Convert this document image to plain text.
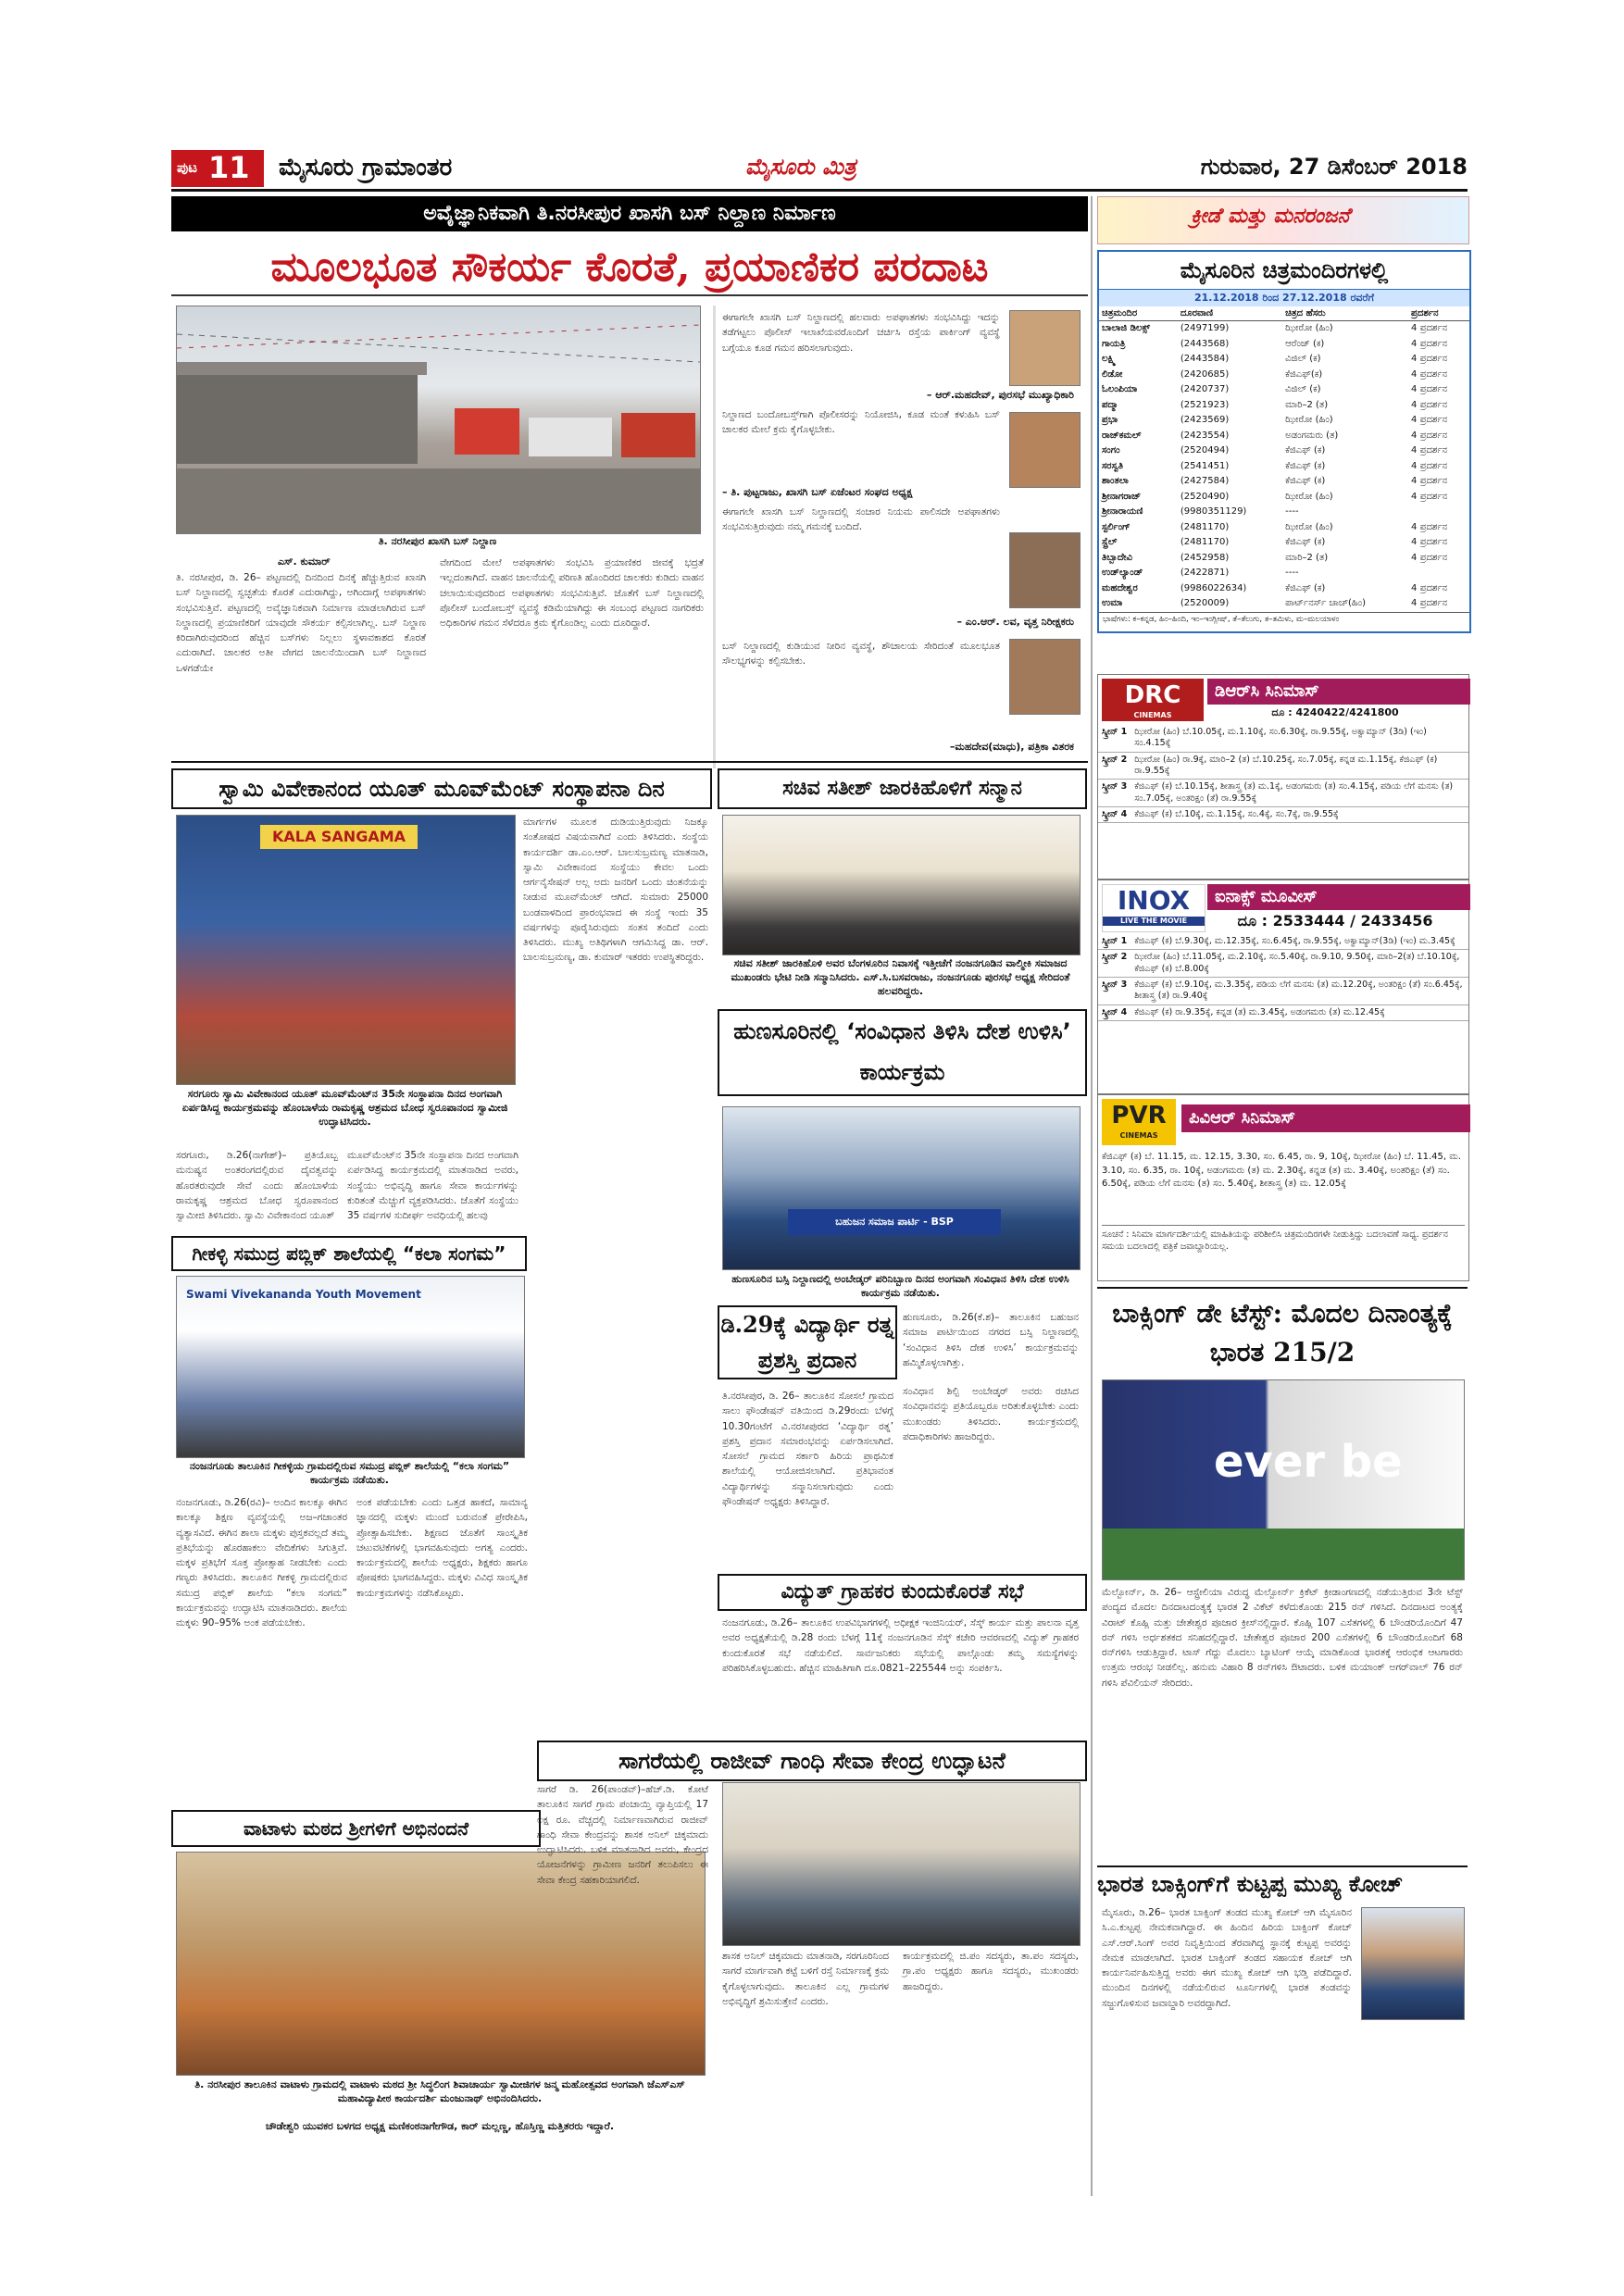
ಪುಟ 11 ಮೈಸೂರು ಗ್ರಾಮಾಂತರ	ಮೈಸೂರು ಮಿತ್ರ	ಗುರುವಾರ, 27 ಡಿಸೆಂಬರ್ 2018
ಅವೈಜ್ಞಾನಿಕವಾಗಿ ತಿ.ನರಸೀಪುರ ಖಾಸಗಿ ಬಸ್ ನಿಲ್ದಾಣ ನಿರ್ಮಾಣ
ಮೂಲಭೂತ ಸೌಕರ್ಯ ಕೊರತೆ, ಪ್ರಯಾಣಿಕರ ಪರದಾಟ
ತಿ. ನರಸೀಪುರ ಖಾಸಗಿ ಬಸ್ ನಿಲ್ದಾಣ
ಎಸ್. ಕುಮಾರ್
ತಿ. ನರಸೀಪುರ, ಡಿ. 26– ಪಟ್ಟಣದಲ್ಲಿ ದಿನದಿಂದ ದಿನಕ್ಕೆ ಹೆಚ್ಚುತ್ತಿರುವ ಖಾಸಗಿ ಬಸ್ ನಿಲ್ದಾಣದಲ್ಲಿ ಸ್ವಚ್ಛತೆಯ ಕೊರತೆ ಎದುರಾಗಿದ್ದು, ಅಗಿಂದಾಗ್ಗೆ ಅಪಘಾತಗಳು ಸಂಭವಿಸುತ್ತಿವೆ. ಪಟ್ಟಣದಲ್ಲಿ ಅವೈಜ್ಞಾನಿಕವಾಗಿ ನಿರ್ಮಾಣ ಮಾಡಲಾಗಿರುವ ಬಸ್ ನಿಲ್ದಾಣದಲ್ಲಿ ಪ್ರಯಾಣಿಕರಿಗೆ ಯಾವುದೇ ಸೌಕರ್ಯ ಕಲ್ಪಿಸಲಾಗಿಲ್ಲ. ಬಸ್ ನಿಲ್ದಾಣ ಕಿರಿದಾಗಿರುವುದರಿಂದ ಹೆಚ್ಚಿನ ಬಸ್‌ಗಳು ನಿಲ್ಲಲು ಸ್ಥಳಾವಕಾಶದ ಕೊರತೆ ಎದುರಾಗಿದೆ. ಚಾಲಕರ ಅತೀ ವೇಗದ ಚಾಲನೆಯಿಂದಾಗಿ ಬಸ್ ನಿಲ್ದಾಣದ ಒಳಗಡೆಯೇ
ವೇಗದಿಂದ ಮೇಲೆ ಅಪಘಾತಗಳು ಸಂಭವಿಸಿ ಪ್ರಯಾಣಿಕರ ಜೀವಕ್ಕೆ ಭದ್ರತೆ ಇಲ್ಲದಂತಾಗಿದೆ. ವಾಹನ ಚಾಲನೆಯಲ್ಲಿ ಪರಿಣತಿ ಹೊಂದಿರದ ಚಾಲಕರು ಕುಡಿದು ವಾಹನ ಚಲಾಯಿಸುವುದರಿಂದ ಅಪಘಾತಗಳು ಸಂಭವಿಸುತ್ತಿವೆ. ಜೊತೆಗೆ ಬಸ್ ನಿಲ್ದಾಣದಲ್ಲಿ ಪೊಲೀಸ್ ಬಂದೋಬಸ್ತ್ ವ್ಯವಸ್ಥೆ ಕಡಿಮೆಯಾಗಿದ್ದು ಈ ಸಂಬಂಧ ಪಟ್ಟಣದ ನಾಗರಿಕರು ಅಧಿಕಾರಿಗಳ ಗಮನ ಸೆಳೆದರೂ ಕ್ರಮ ಕೈಗೊಂಡಿಲ್ಲ ಎಂದು ದೂರಿದ್ದಾರೆ.
ಈಗಾಗಲೇ ಖಾಸಗಿ ಬಸ್ ನಿಲ್ದಾಣದಲ್ಲಿ ಹಲವಾರು ಅಪಘಾತಗಳು ಸಂಭವಿಸಿದ್ದು ಇದನ್ನು ತಡೆಗಟ್ಟಲು ಪೊಲೀಸ್ ಇಲಾಖೆಯವರೊಂದಿಗೆ ಚರ್ಚಿಸಿ ರಸ್ತೆಯ ಪಾರ್ಕಿಂಗ್ ವ್ಯವಸ್ಥೆ ಬಗ್ಗೆಯೂ ಕೂಡ ಗಮನ ಹರಿಸಲಾಗುವುದು.
– ಆರ್.ಮಹದೇವ್, ಪುರಸಭೆ ಮುಖ್ಯಾಧಿಕಾರಿ
ನಿಲ್ದಾಣದ ಬಂದೋಬಸ್ತ್‌ಗಾಗಿ ಪೊಲೀಸರನ್ನು ನಿಯೋಜಿಸಿ, ಕೂಡ ಮಂತೆ ಕಳುಹಿಸಿ ಬಸ್ ಚಾಲಕರ ಮೇಲೆ ಕ್ರಮ ಕೈಗೊಳ್ಳಬೇಕು.
– ತಿ. ಪುಟ್ಟರಾಜು, ಖಾಸಗಿ ಬಸ್ ಏಜೆಂಟರ ಸಂಘದ ಅಧ್ಯಕ್ಷ
ಈಗಾಗಲೇ ಖಾಸಗಿ ಬಸ್ ನಿಲ್ದಾಣದಲ್ಲಿ ಸಂಚಾರ ನಿಯಮ ಪಾಲಿಸದೇ ಅಪಘಾತಗಳು ಸಂಭವಿಸುತ್ತಿರುವುದು ನಮ್ಮ ಗಮನಕ್ಕೆ ಬಂದಿದೆ.
– ಎಂ.ಆರ್. ಲವ, ವೃತ್ತ ನಿರೀಕ್ಷಕರು
ಬಸ್ ನಿಲ್ದಾಣದಲ್ಲಿ ಕುಡಿಯುವ ನೀರಿನ ವ್ಯವಸ್ಥೆ, ಶೌಚಾಲಯ ಸೇರಿದಂತೆ ಮೂಲಭೂತ ಸೌಲಭ್ಯಗಳನ್ನು ಕಲ್ಪಿಸಬೇಕು.
–ಮಹದೇವ(ಮಾಧು), ಪತ್ರಿಕಾ ವಿತರಕ
ಸ್ವಾಮಿ ವಿವೇಕಾನಂದ ಯೂತ್ ಮೂವ್‌ಮೆಂಟ್ ಸಂಸ್ಥಾಪನಾ ದಿನ
KALA SANGAMA
ಸರಗೂರು ಸ್ವಾಮಿ ವಿವೇಕಾನಂದ ಯೂತ್ ಮೂವ್‌ಮೆಂಟ್‌ನ 35ನೇ ಸಂಸ್ಥಾಪನಾ ದಿನದ ಅಂಗವಾಗಿ ಏರ್ಪಡಿಸಿದ್ದ ಕಾರ್ಯಕ್ರಮವನ್ನು ಹೊಂಬಾಳೆಯ ರಾಮಕೃಷ್ಣ ಆಶ್ರಮದ ಬೋಧ ಸ್ವರೂಪಾನಂದ ಸ್ವಾಮೀಜಿ ಉದ್ಘಾಟಿಸಿದರು.
ಸರಗೂರು, ಡಿ.26(ನಾಗೇಶ್)– ಪ್ರತಿಯೊಬ್ಬ ಮನುಷ್ಯನ ಅಂತರಂಗದಲ್ಲಿರುವ ದೈವತ್ವವನ್ನು ಹೊರತರುವುದೇ ಸೇವೆ ಎಂದು ಹೊಂಬಾಳೆಯ ರಾಮಕೃಷ್ಣ ಆಶ್ರಮದ ಬೋಧ ಸ್ವರೂಪಾನಂದ ಸ್ವಾಮೀಜಿ ತಿಳಿಸಿದರು. ಸ್ವಾಮಿ ವಿವೇಕಾನಂದ ಯೂತ್
ಮೂವ್‌ಮೆಂಟ್‌ನ 35ನೇ ಸಂಸ್ಥಾಪನಾ ದಿನದ ಅಂಗವಾಗಿ ಏರ್ಪಡಿಸಿದ್ದ ಕಾರ್ಯಕ್ರಮದಲ್ಲಿ ಮಾತನಾಡಿದ ಅವರು, ಸಂಸ್ಥೆಯು ಅಭಿವೃದ್ಧಿ ಹಾಗೂ ಸೇವಾ ಕಾರ್ಯಗಳನ್ನು ಕುರಿತಂತೆ ಮೆಚ್ಚುಗೆ ವ್ಯಕ್ತಪಡಿಸಿದರು. ಜೊತೆಗೆ ಸಂಸ್ಥೆಯು 35 ವರ್ಷಗಳ ಸುದೀರ್ಘ ಅವಧಿಯಲ್ಲಿ ಹಲವು
ಮಾರ್ಗಗಳ ಮೂಲಕ ದುಡಿಯುತ್ತಿರುವುದು ನಿಜಕ್ಕೂ ಸಂತೋಷದ ವಿಷಯವಾಗಿದೆ ಎಂದು ತಿಳಿಸಿದರು. ಸಂಸ್ಥೆಯ ಕಾರ್ಯದರ್ಶಿ ಡಾ.ಎಂ.ಆರ್. ಬಾಲಸುಬ್ರಮಣ್ಯ ಮಾತನಾಡಿ, ಸ್ವಾಮಿ ವಿವೇಕಾನಂದ ಸಂಸ್ಥೆಯು ಕೇವಲ ಒಂದು ಆರ್ಗನೈಸೇಷನ್ ಅಲ್ಲ ಅದು ಜನರಿಗೆ ಒಂದು ಚಿಂತನೆಯನ್ನು ನೀಡುವ ಮೂವ್‌ಮೆಂಟ್ ಆಗಿದೆ. ಸುಮಾರು 25000 ಬಂಡವಾಳದಿಂದ ಪ್ರಾರಂಭವಾದ ಈ ಸಂಸ್ಥೆ ಇಂದು 35 ವರ್ಷಗಳನ್ನು ಪೂರೈಸಿರುವುದು ಸಂತಸ ತಂದಿದೆ ಎಂದು ತಿಳಿಸಿದರು. ಮುಖ್ಯ ಅತಿಥಿಗಳಾಗಿ ಆಗಮಿಸಿದ್ದ ಡಾ. ಆರ್. ಬಾಲಸುಬ್ರಮಣ್ಯ, ಡಾ. ಕುಮಾರ್ ಇತರರು ಉಪಸ್ಥಿತರಿದ್ದರು.
ಗೀಕಳ್ಳಿ ಸಮುದ್ರ ಪಬ್ಲಿಕ್ ಶಾಲೆಯಲ್ಲಿ “ಕಲಾ ಸಂಗಮ”
Swami Vivekananda Youth Movement
ನಂಜನಗೂಡು ತಾಲೂಕಿನ ಗೀಕಳ್ಳಿಯ ಗ್ರಾಮದಲ್ಲಿರುವ ಸಮುದ್ರ ಪಬ್ಲಿಕ್ ಶಾಲೆಯಲ್ಲಿ “ಕಲಾ ಸಂಗಮ” ಕಾರ್ಯಕ್ರಮ ನಡೆಯಿತು.
ನಂಜನಗೂಡು, ಡಿ.26(ರವಿ)– ಅಂದಿನ ಕಾಲಕ್ಕೂ ಈಗಿನ ಕಾಲಕ್ಕೂ ಶಿಕ್ಷಣ ವ್ಯವಸ್ಥೆಯಲ್ಲಿ ಅಜ–ಗಜಾಂತರ ವ್ಯತ್ಯಾಸವಿದೆ. ಈಗಿನ ಶಾಲಾ ಮಕ್ಕಳು ಪುಸ್ತಕವಲ್ಲದೆ ತಮ್ಮ ಪ್ರತಿಭೆಯನ್ನು ಹೊರಹಾಕಲು ವೇದಿಕೆಗಳು ಸಿಗುತ್ತಿವೆ. ಮಕ್ಕಳ ಪ್ರತಿಭೆಗೆ ಸೂಕ್ತ ಪ್ರೋತ್ಸಾಹ ನೀಡಬೇಕು ಎಂದು ಗಣ್ಯರು ತಿಳಿಸಿದರು. ತಾಲೂಕಿನ ಗೀಕಳ್ಳಿ ಗ್ರಾಮದಲ್ಲಿರುವ ಸಮುದ್ರ ಪಬ್ಲಿಕ್ ಶಾಲೆಯ “ಕಲಾ ಸಂಗಮ” ಕಾರ್ಯಕ್ರಮವನ್ನು ಉದ್ಘಾಟಿಸಿ ಮಾತನಾಡಿದರು. ಶಾಲೆಯ ಮಕ್ಕಳು 90–95% ಅಂಕ ಪಡೆಯಬೇಕು.
ಅಂಕ ಪಡೆಯಬೇಕು ಎಂದು ಒತ್ತಡ ಹಾಕದೆ, ಸಾಮಾನ್ಯ ಜ್ಞಾನದಲ್ಲಿ ಮಕ್ಕಳು ಮುಂದೆ ಬರುವಂತೆ ಪ್ರೇರೇಪಿಸಿ, ಪ್ರೋತ್ಸಾಹಿಸಬೇಕು. ಶಿಕ್ಷಣದ ಜೊತೆಗೆ ಸಾಂಸ್ಕೃತಿಕ ಚಟುವಟಿಕೆಗಳಲ್ಲಿ ಭಾಗವಹಿಸುವುದು ಅಗತ್ಯ ಎಂದರು. ಕಾರ್ಯಕ್ರಮದಲ್ಲಿ ಶಾಲೆಯ ಅಧ್ಯಕ್ಷರು, ಶಿಕ್ಷಕರು ಹಾಗೂ ಪೋಷಕರು ಭಾಗವಹಿಸಿದ್ದರು. ಮಕ್ಕಳು ವಿವಿಧ ಸಾಂಸ್ಕೃತಿಕ ಕಾರ್ಯಕ್ರಮಗಳನ್ನು ನಡೆಸಿಕೊಟ್ಟರು.
ವಾಟಾಳು ಮಠದ ಶ್ರೀಗಳಿಗೆ ಅಭಿನಂದನೆ
ತಿ. ನರಸೀಪುರ ತಾಲೂಕಿನ ವಾಟಾಳು ಗ್ರಾಮದಲ್ಲಿ ವಾಟಾಳು ಮಠದ ಶ್ರೀ ಸಿದ್ಧಲಿಂಗ ಶಿವಾಚಾರ್ಯ ಸ್ವಾಮೀಜಿಗಳ ಜನ್ಮ ಮಹೋತ್ಸವದ ಅಂಗವಾಗಿ ಜೆಎಸ್‌ಎಸ್ ಮಹಾವಿದ್ಯಾಪೀಠ ಕಾರ್ಯದರ್ಶಿ ಮಂಜುನಾಥ್ ಅಭಿನಂದಿಸಿದರು.
ಚೌಡೇಶ್ವರಿ ಯುವಕರ ಬಳಗದ ಅಧ್ಯಕ್ಷ ಮಣಿಕಂಠನಾಗೇಗೌಡ, ಕಾರ್ ಮಲ್ಲಣ್ಣ, ಹೊಸ್ತಿಣ್ಣ ಮತ್ತಿತರರು ಇದ್ದಾರೆ.
ಸಚಿವ ಸತೀಶ್ ಜಾರಕಿಹೊಳಿಗೆ ಸನ್ಮಾನ
ಸಚಿವ ಸತೀಶ್ ಜಾರಕಿಹೊಳಿ ಅವರ ಬೆಂಗಳೂರಿನ ನಿವಾಸಕ್ಕೆ ಇತ್ತೀಚೆಗೆ ನಂಜನಗೂಡಿನ ವಾಲ್ಮೀಕಿ ಸಮಾಜದ ಮುಖಂಡರು ಭೇಟಿ ನೀಡಿ ಸನ್ಮಾನಿಸಿದರು. ಎಸ್.ಸಿ.ಬಸವರಾಜು, ನಂಜನಗೂಡು ಪುರಸಭೆ ಅಧ್ಯಕ್ಷ ಸೇರಿದಂತೆ ಹಲವರಿದ್ದರು.
ಹುಣಸೂರಿನಲ್ಲಿ ‘ಸಂವಿಧಾನ ತಿಳಿಸಿ ದೇಶ ಉಳಿಸಿ’ ಕಾರ್ಯಕ್ರಮ
ಬಹುಜನ ಸಮಾಜ ಪಾರ್ಟಿ - BSP
ಹುಣಸೂರಿನ ಬಸ್ಸಿ ನಿಲ್ದಾಣದಲ್ಲಿ ಅಂಬೇಡ್ಕರ್ ಪರಿನಿಬ್ಬಾಣ ದಿನದ ಅಂಗವಾಗಿ ಸಂವಿಧಾನ ತಿಳಿಸಿ ದೇಶ ಉಳಿಸಿ ಕಾರ್ಯಕ್ರಮ ನಡೆಯಿತು.
ಹುಣಸೂರು, ಡಿ.26(ಕೆ.ಶ)– ತಾಲೂಕಿನ ಬಹುಜನ ಸಮಾಜ ಪಾರ್ಟಿಯಿಂದ ನಗರದ ಬಸ್ಸಿ ನಿಲ್ದಾಣದಲ್ಲಿ ‘ಸಂವಿಧಾನ ತಿಳಿಸಿ ದೇಶ ಉಳಿಸಿ’ ಕಾರ್ಯಕ್ರಮವನ್ನು ಹಮ್ಮಿಕೊಳ್ಳಲಾಗಿತ್ತು.
ಸಂವಿಧಾನ ಶಿಲ್ಪಿ ಅಂಬೇಡ್ಕರ್ ಅವರು ರಚಿಸಿದ ಸಂವಿಧಾನವನ್ನು ಪ್ರತಿಯೊಬ್ಬರೂ ಅರಿತುಕೊಳ್ಳಬೇಕು ಎಂದು ಮುಖಂಡರು ತಿಳಿಸಿದರು. ಕಾರ್ಯಕ್ರಮದಲ್ಲಿ ಪದಾಧಿಕಾರಿಗಳು ಹಾಜರಿದ್ದರು.
ಡಿ.29ಕ್ಕೆ ವಿದ್ಯಾರ್ಥಿ ರತ್ನ ಪ್ರಶಸ್ತಿ ಪ್ರದಾನ
ತಿ.ನರಸೀಪುರ, ಡಿ. 26– ತಾಲೂಕಿನ ಸೋಸಲೆ ಗ್ರಾಮದ ಸಾಲು ಫೌಂಡೇಷನ್ ವತಿಯಿಂದ ಡಿ.29ರಂದು ಬೆಳಗ್ಗೆ 10.30ಗಂಟೆಗೆ ವಿ.ನರಸೀಪುರದ ‘ವಿದ್ಯಾರ್ಥಿ ರತ್ನ’ ಪ್ರಶಸ್ತಿ ಪ್ರದಾನ ಸಮಾರಂಭವನ್ನು ಏರ್ಪಡಿಸಲಾಗಿದೆ. ಸೋಸಲೆ ಗ್ರಾಮದ ಸರ್ಕಾರಿ ಹಿರಿಯ ಪ್ರಾಥಮಿಕ ಶಾಲೆಯಲ್ಲಿ ಆಯೋಜಿಸಲಾಗಿದೆ. ಪ್ರತಿಭಾವಂತ ವಿದ್ಯಾರ್ಥಿಗಳನ್ನು ಸನ್ಮಾನಿಸಲಾಗುವುದು ಎಂದು ಫೌಂಡೇಷನ್ ಅಧ್ಯಕ್ಷರು ತಿಳಿಸಿದ್ದಾರೆ.
ವಿದ್ಯುತ್ ಗ್ರಾಹಕರ ಕುಂದುಕೊರತೆ ಸಭೆ
ನಂಜನಗೂಡು, ಡಿ.26– ತಾಲೂಕಿನ ಉಪವಿಭಾಗಗಳಲ್ಲಿ ಅಧೀಕ್ಷಕ ಇಂಜಿನಿಯರ್, ಸೆಸ್ಕ್ ಕಾರ್ಯ ಮತ್ತು ಪಾಲನಾ ವೃತ್ತ ಅವರ ಅಧ್ಯಕ್ಷತೆಯಲ್ಲಿ ಡಿ.28 ರಂದು ಬೆಳಗ್ಗೆ 11ಕ್ಕೆ ನಂಜನಗೂಡಿನ ಸೆಸ್ಕ್ ಕಚೇರಿ ಆವರಣದಲ್ಲಿ ವಿದ್ಯುತ್ ಗ್ರಾಹಕರ ಕುಂದುಕೊರತೆ ಸಭೆ ನಡೆಯಲಿದೆ. ಸಾರ್ವಜನಿಕರು ಸಭೆಯಲ್ಲಿ ಪಾಲ್ಗೊಂಡು ತಮ್ಮ ಸಮಸ್ಯೆಗಳನ್ನು ಪರಿಹರಿಸಿಕೊಳ್ಳಬಹುದು. ಹೆಚ್ಚಿನ ಮಾಹಿತಿಗಾಗಿ ದೂ.0821–225544 ಅನ್ನು ಸಂಪರ್ಕಿಸಿ.
ಸಾಗರೆಯಲ್ಲಿ ರಾಜೀವ್ ಗಾಂಧಿ ಸೇವಾ ಕೇಂದ್ರ ಉದ್ಘಾಟನೆ
ಸಾಗರೆ ಡಿ. 26(ಪಾಂಡವ್)–ಹೆಚ್.ಡಿ. ಕೋಟೆ ತಾಲೂಕಿನ ಸಾಗರೆ ಗ್ರಾಮ ಪಂಚಾಯ್ತಿ ವ್ಯಾಪ್ತಿಯಲ್ಲಿ 17 ಲಕ್ಷ ರೂ. ವೆಚ್ಚದಲ್ಲಿ ನಿರ್ಮಾಣವಾಗಿರುವ ರಾಜೀವ್ ಗಾಂಧಿ ಸೇವಾ ಕೇಂದ್ರವನ್ನು ಶಾಸಕ ಅನಿಲ್ ಚಿಕ್ಕಮಾದು ಉದ್ಘಾಟಿಸಿದರು. ಬಳಿಕ ಮಾತನಾಡಿದ ಅವರು, ಕೇಂದ್ರದ ಯೋಜನೆಗಳನ್ನು ಗ್ರಾಮೀಣ ಜನರಿಗೆ ತಲುಪಿಸಲು ಈ ಸೇವಾ ಕೇಂದ್ರ ಸಹಕಾರಿಯಾಗಲಿದೆ.
ಶಾಸಕ ಅನಿಲ್ ಚಿಕ್ಕಮಾದು ಮಾತನಾಡಿ, ಸರಗೂರಿನಿಂದ ಸಾಗರೆ ಮಾರ್ಗವಾಗಿ ಕಟ್ಟೆ ಬಳಿಗೆ ರಸ್ತೆ ನಿರ್ಮಾಣಕ್ಕೆ ಕ್ರಮ ಕೈಗೊಳ್ಳಲಾಗುವುದು. ತಾಲೂಕಿನ ಎಲ್ಲ ಗ್ರಾಮಗಳ ಅಭಿವೃದ್ಧಿಗೆ ಶ್ರಮಿಸುತ್ತೇನೆ ಎಂದರು.
ಕಾರ್ಯಕ್ರಮದಲ್ಲಿ ಜಿ.ಪಂ ಸದಸ್ಯರು, ತಾ.ಪಂ ಸದಸ್ಯರು, ಗ್ರಾ.ಪಂ ಅಧ್ಯಕ್ಷರು ಹಾಗೂ ಸದಸ್ಯರು, ಮುಖಂಡರು ಹಾಜರಿದ್ದರು.
ಕ್ರೀಡೆ ಮತ್ತು ಮನರಂಜನೆ
ಮೈಸೂರಿನ ಚಿತ್ರಮಂದಿರಗಳಲ್ಲಿ
21.12.2018 ರಿಂದ 27.12.2018 ರವರೆಗೆ
ಚಿತ್ರಮಂದಿರ	ದೂರವಾಣಿ	ಚಿತ್ರದ ಹೆಸರು	ಪ್ರದರ್ಶನ
ಬಾಲಾಜಿ ಡಿಲಕ್ಸ್	(2497199)	ಝೀರೋ (ಹಿಂ)	4 ಪ್ರದರ್ಶನ
ಗಾಯತ್ರಿ	(2443568)	ಆರೆಂಜ್ (ಕ)	4 ಪ್ರದರ್ಶನ
ಲಕ್ಷ್ಮಿ	(2443584)	ವಿಜಿಲ್ (ಕ)	4 ಪ್ರದರ್ಶನ
ಲಿಡೋ	(2420685)	ಕೆಜಿಎಫ್(ಕ)	4 ಪ್ರದರ್ಶನ
ಓಲಂಪಿಯಾ	(2420737)	ವಿಜಿಲ್ (ಕ)	4 ಪ್ರದರ್ಶನ
ಪದ್ಮಾ	(2521923)	ಮಾರಿ–2 (ತ)	4 ಪ್ರದರ್ಶನ
ಪ್ರಭಾ	(2423569)	ಝೀರೋ (ಹಿಂ)	4 ಪ್ರದರ್ಶನ
ರಾಜ್‌ಕಮಲ್	(2423554)	ಅಡಂಗಮರು (ತ)	4 ಪ್ರದರ್ಶನ
ಸಂಗಂ	(2520494)	ಕೆಜಿಎಫ್ (ಕ)	4 ಪ್ರದರ್ಶನ
ಸರಸ್ವತಿ	(2541451)	ಕೆಜಿಎಫ್ (ಕ)	4 ಪ್ರದರ್ಶನ
ಶಾಂತಲಾ	(2427584)	ಕೆಜಿಎಫ್ (ಕ)	4 ಪ್ರದರ್ಶನ
ಶ್ರೀನಾಗರಾಜ್	(2520490)	ಝೀರೋ (ಹಿಂ)	4 ಪ್ರದರ್ಶನ
ಶ್ರೀನಾರಾಯಣಿ	(9980351129)	----	
ಸ್ಟರ್ಲಿಂಗ್	(2481170)	ಝೀರೋ (ಹಿಂ)	4 ಪ್ರದರ್ಶನ
ಸ್ಟ್ರೆಲ್	(2481170)	ಕೆಜಿಎಫ್ (ಕ)	4 ಪ್ರದರ್ಶನ
ತಿಬ್ಬಾದೇವಿ	(2452958)	ಮಾರಿ–2 (ತ)	4 ಪ್ರದರ್ಶನ
ಉಡ್‌ಲ್ಯಾಂಡ್	(2422871)	----	
ಮಹದೇಶ್ವರ	(9986022634)	ಕೆಜಿಎಫ್ (ಕ)	4 ಪ್ರದರ್ಶನ
ಉಮಾ	(2520009)	ಪಾರ್ಟ್‌ನರ್ಸ್ ಚಾಚ್(ಹಿಂ)	4 ಪ್ರದರ್ಶನ
ಭಾಷೆಗಳು: ಕ–ಕನ್ನಡ, ಹಿಂ–ಹಿಂದಿ, ಇಂ–ಇಂಗ್ಲೀಷ್, ತೆ–ತೆಲುಗು, ತ–ತಮಿಳು, ಮ–ಮಲಯಾಳಂ
DRC
CINEMAS
ಡಿಆರ್‌ಸಿ ಸಿನಿಮಾಸ್
ದೂ : 4240422/4241800
ಸ್ಕ್ರೀನ್ 1	ಝೀರೋ (ಹಿಂ) ಬೆ.10.05ಕ್ಕೆ, ಮ.1.10ಕ್ಕೆ, ಸಂ.6.30ಕ್ಕೆ, ರಾ.9.55ಕ್ಕೆ, ಅಕ್ವಾಮ್ಯಾನ್ (3ಡಿ) (ಇಂ) ಸಂ.4.15ಕ್ಕೆ
ಸ್ಕ್ರೀನ್ 2	ಝೀರೋ (ಹಿಂ) ರಾ.9ಕ್ಕೆ, ಮಾರಿ–2 (ತ) ಬೆ.10.25ಕ್ಕೆ, ಸಂ.7.05ಕ್ಕೆ, ಕನ್ನಡ ಮ.1.15ಕ್ಕೆ, ಕೆಜಿಎಫ್ (ಕ) ರಾ.9.55ಕ್ಕೆ
ಸ್ಕ್ರೀನ್ 3	ಕೆಜಿಎಫ್ (ಕ) ಬೆ.10.15ಕ್ಕೆ, ಶೀತಾಸ್ತ್ರ (ತ) ಮ.1ಕ್ಕೆ, ಅಡಂಗಮರು (ತ) ಸಂ.4.15ಕ್ಕೆ, ಪಡಿಯ ಲೆಗೆ ಮನಸು (ತ) ಸಂ.7.05ಕ್ಕೆ, ಅಂತರಿಕ್ಷಂ (ತೆ) ರಾ.9.55ಕ್ಕೆ
ಸ್ಕ್ರೀನ್ 4	ಕೆಜಿಎಫ್ (ಕ) ಬೆ.10ಕ್ಕೆ, ಮ.1.15ಕ್ಕೆ, ಸಂ.4ಕ್ಕೆ, ಸಂ.7ಕ್ಕೆ, ರಾ.9.55ಕ್ಕೆ
INOX
LIVE THE MOVIE
ಐನಾಕ್ಸ್ ಮೂವೀಸ್
ದೂ : 2533444 / 2433456
ಸ್ಕ್ರೀನ್ 1	ಕೆಜಿಎಫ್ (ಕ) ಬೆ.9.30ಕ್ಕೆ, ಮ.12.35ಕ್ಕೆ, ಸಂ.6.45ಕ್ಕೆ, ರಾ.9.55ಕ್ಕೆ, ಅಕ್ವಾಮ್ಯಾನ್(3ಡಿ) (ಇಂ) ಮ.3.45ಕ್ಕೆ
ಸ್ಕ್ರೀನ್ 2	ಝೀರೋ (ಹಿಂ) ಬೆ.11.05ಕ್ಕೆ, ಮ.2.10ಕ್ಕೆ, ಸಂ.5.40ಕ್ಕೆ, ರಾ.9.10, 9.50ಕ್ಕೆ, ಮಾರಿ–2(ತ) ಬೆ.10.10ಕ್ಕೆ, ಕೆಜಿಎಫ್ (ಕ) ಬೆ.8.00ಕ್ಕೆ
ಸ್ಕ್ರೀನ್ 3	ಕೆಜಿಎಫ್ (ಕ) ಬೆ.9.10ಕ್ಕೆ, ಮ.3.35ಕ್ಕೆ, ಪಡಿಯ ಲೆಗೆ ಮನಸು (ತ) ಮ.12.20ಕ್ಕೆ, ಅಂತರಿಕ್ಷಂ (ತೆ) ಸಂ.6.45ಕ್ಕೆ, ಶೀತಾಸ್ತ್ರ (ತ) ರಾ.9.40ಕ್ಕೆ
ಸ್ಕ್ರೀನ್ 4	ಕೆಜಿಎಫ್ (ಕ) ರಾ.9.35ಕ್ಕೆ, ಕನ್ನಡ (ತ) ಮ.3.45ಕ್ಕೆ, ಅಡಂಗಮರು (ತ) ಮ.12.45ಕ್ಕೆ
PVR
CINEMAS
ಪಿವಿಆರ್ ಸಿನಿಮಾಸ್
ಕೆಜಿಎಫ್ (ಕ) ಬೆ. 11.15, ಮ. 12.15, 3.30, ಸಂ. 6.45, ರಾ. 9, 10ಕ್ಕೆ, ಝೀರೋ (ಹಿಂ) ಬೆ. 11.45, ಮ. 3.10, ಸಂ. 6.35, ರಾ. 10ಕ್ಕೆ, ಅಡಂಗಮರು (ತ) ಮ. 2.30ಕ್ಕೆ, ಕನ್ನಡ (ತ) ಮ. 3.40ಕ್ಕೆ, ಅಂತರಿಕ್ಷಂ (ತೆ) ಸಂ. 6.50ಕ್ಕೆ, ಪಡಿಯ ಲೆಗೆ ಮನಸು (ತ) ಸಂ. 5.40ಕ್ಕೆ, ಶೀತಾಸ್ತ್ರ (ತ) ಮ. 12.05ಕ್ಕೆ
ಸೂಚನೆ : ಸಿನಿಮಾ ಮಾರ್ಗದರ್ಶಿಯಲ್ಲಿ ಮಾಹಿತಿಯನ್ನು ಪರಿಶೀಲಿಸಿ ಚಿತ್ರಮಂದಿರಗಳೇ ನೀಡುತ್ತಿದ್ದು ಬದಲಾವಣೆ ಸಾಧ್ಯ. ಪ್ರದರ್ಶನ ಸಮಯ ಬದಲಾದಲ್ಲಿ ಪತ್ರಿಕೆ ಜವಾಬ್ದಾರಿಯಲ್ಲ.
ಬಾಕ್ಸಿಂಗ್ ಡೇ ಟೆಸ್ಟ್: ಮೊದಲ ದಿನಾಂತ್ಯಕ್ಕೆ ಭಾರತ 215/2
ever be
ಮೆಲ್ಬೋರ್ನ್, ಡಿ. 26– ಆಸ್ಟ್ರೇಲಿಯಾ ವಿರುದ್ಧ ಮೆಲ್ಬೋರ್ನ್ ಕ್ರಿಕೆಟ್ ಕ್ರೀಡಾಂಗಣದಲ್ಲಿ ನಡೆಯುತ್ತಿರುವ 3ನೇ ಟೆಸ್ಟ್ ಪಂದ್ಯದ ಮೊದಲ ದಿನದಾಟದಂತ್ಯಕ್ಕೆ ಭಾರತ 2 ವಿಕೆಟ್ ಕಳೆದುಕೊಂಡು 215 ರನ್ ಗಳಿಸಿದೆ. ದಿನದಾಟದ ಅಂತ್ಯಕ್ಕೆ ವಿರಾಟ್ ಕೊಹ್ಲಿ ಮತ್ತು ಚೇತೇಶ್ವರ ಪೂಜಾರ ಕ್ರೀಸ್‌ನಲ್ಲಿದ್ದಾರೆ. ಕೊಹ್ಲಿ 107 ಎಸೆತಗಳಲ್ಲಿ 6 ಬೌಂಡರಿಯೊಂದಿಗೆ 47 ರನ್ ಗಳಿಸಿ ಅರ್ಧಶತಕದ ಸನಿಹದಲ್ಲಿದ್ದಾರೆ. ಚೇತೇಶ್ವರ ಪೂಜಾರ 200 ಎಸೆತಗಳಲ್ಲಿ 6 ಬೌಂಡರಿಯೊಂದಿಗೆ 68 ರನ್‌ಗಳಿಸಿ ಆಡುತ್ತಿದ್ದಾರೆ. ಟಾಸ್ ಗೆದ್ದು ಮೊದಲು ಬ್ಯಾಟಿಂಗ್ ಆಯ್ಕೆ ಮಾಡಿಕೊಂಡ ಭಾರತಕ್ಕೆ ಆರಂಭಿಕ ಆಟಗಾರರು ಉತ್ತಮ ಆರಂಭ ನೀಡಲಿಲ್ಲ. ಹನುಮ ವಿಹಾರಿ 8 ರನ್‌ಗಳಿಸಿ ಔಟಾದರು. ಬಳಿಕ ಮಯಾಂಕ್ ಅಗರ್‌ವಾಲ್ 76 ರನ್ ಗಳಿಸಿ ಪೆವಿಲಿಯನ್ ಸೇರಿದರು.
ಭಾರತ ಬಾಕ್ಸಿಂಗ್‌ಗೆ ಕುಟ್ಟಪ್ಪ ಮುಖ್ಯ ಕೋಚ್
ಮೈಸೂರು, ಡಿ.26– ಭಾರತ ಬಾಕ್ಸಿಂಗ್ ತಂಡದ ಮುಖ್ಯ ಕೋಚ್ ಆಗಿ ಮೈಸೂರಿನ ಸಿ.ಎ.ಕುಟ್ಟಪ್ಪ ನೇಮಕವಾಗಿದ್ದಾರೆ. ಈ ಹಿಂದಿನ ಹಿರಿಯ ಬಾಕ್ಸಿಂಗ್ ಕೋಚ್ ಎಸ್.ಆರ್.ಸಿಂಗ್ ಅವರ ನಿವೃತ್ತಿಯಿಂದ ತೆರವಾಗಿದ್ದ ಸ್ಥಾನಕ್ಕೆ ಕುಟ್ಟಪ್ಪ ಅವರನ್ನು ನೇಮಕ ಮಾಡಲಾಗಿದೆ. ಭಾರತ ಬಾಕ್ಸಿಂಗ್ ತಂಡದ ಸಹಾಯಕ ಕೋಚ್ ಆಗಿ ಕಾರ್ಯನಿರ್ವಹಿಸುತ್ತಿದ್ದ ಅವರು ಈಗ ಮುಖ್ಯ ಕೋಚ್ ಆಗಿ ಭಡ್ತಿ ಪಡೆದಿದ್ದಾರೆ. ಮುಂದಿನ ದಿನಗಳಲ್ಲಿ ನಡೆಯಲಿರುವ ಟೂರ್ನಿಗಳಲ್ಲಿ ಭಾರತ ತಂಡವನ್ನು ಸಜ್ಜುಗೊಳಿಸುವ ಜವಾಬ್ದಾರಿ ಅವರದ್ದಾಗಿದೆ.
